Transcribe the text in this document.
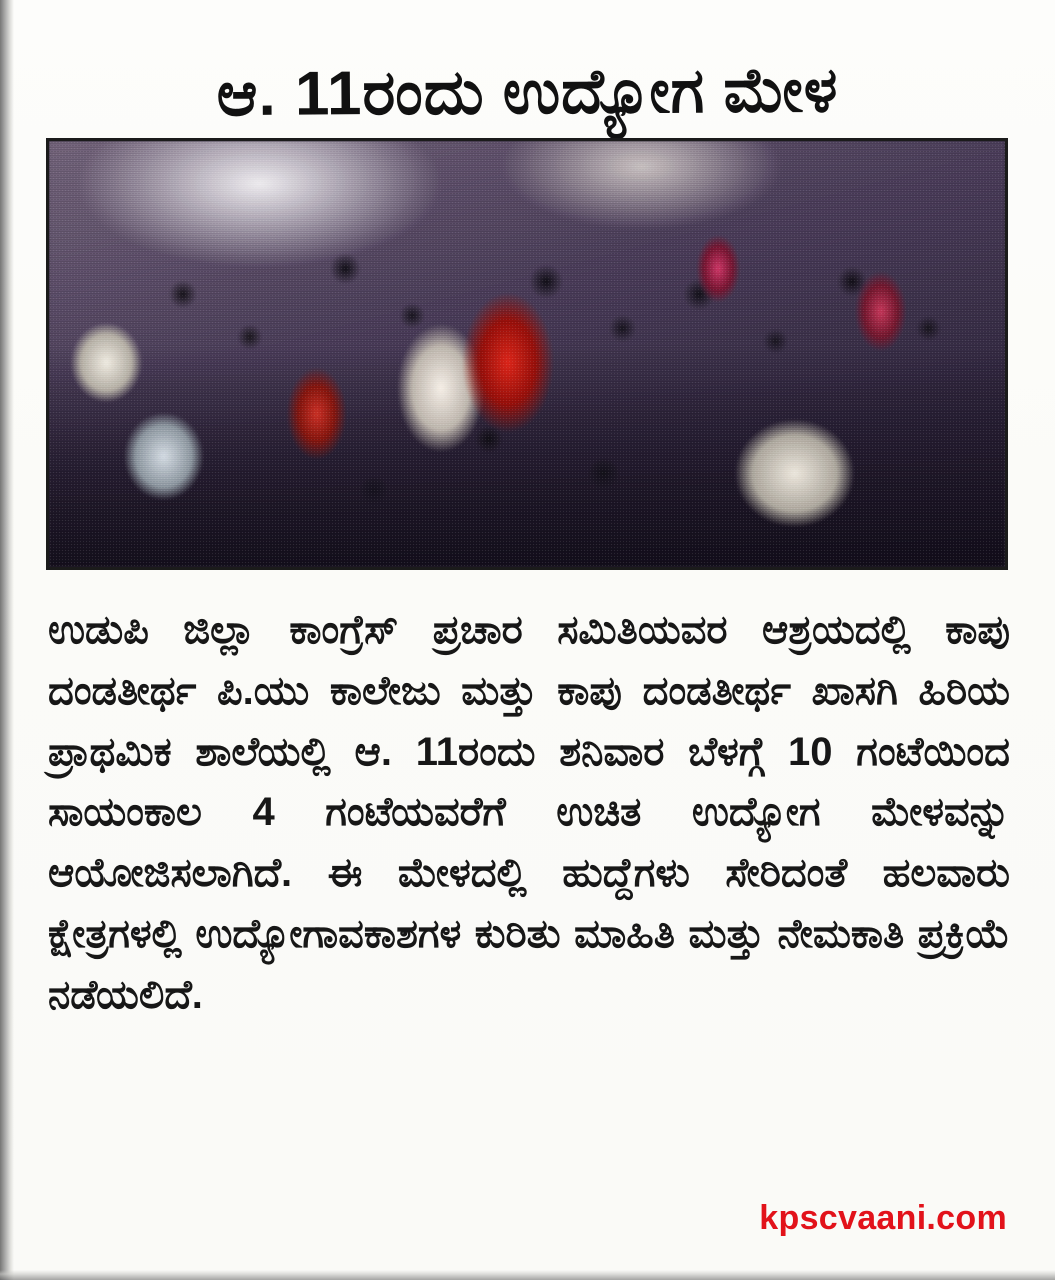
ಆ. 11ರಂದು ಉದ್ಯೋಗ ಮೇಳ

ಉಡುಪಿ ಜಿಲ್ಲಾ ಕಾಂಗ್ರೆಸ್ ಪ್ರಚಾರ ಸಮಿತಿಯವರ ಆಶ್ರಯದಲ್ಲಿ ಕಾಪು ದಂಡತೀರ್ಥ ಪಿ.ಯು ಕಾಲೇಜು ಮತ್ತು ಕಾಪು ದಂಡತೀರ್ಥ ಖಾಸಗಿ ಹಿರಿಯ ಪ್ರಾಥಮಿಕ ಶಾಲೆಯಲ್ಲಿ ಆ. 11ರಂದು ಶನಿವಾರ ಬೆಳಗ್ಗೆ 10 ಗಂಟೆಯಿಂದ ಸಾಯಂಕಾಲ 4 ಗಂಟೆಯವರೆಗೆ ಉಚಿತ ಉದ್ಯೋಗ ಮೇಳವನ್ನು ಆಯೋಜಿಸಲಾಗಿದೆ. ಈ ಮೇಳದಲ್ಲಿ ಹುದ್ದೆಗಳು ಸೇರಿದಂತೆ ಹಲವಾರು ಕ್ಷೇತ್ರಗಳಲ್ಲಿ ಉದ್ಯೋಗಾವಕಾಶಗಳ ಕುರಿತು ಮಾಹಿತಿ ಮತ್ತು ನೇಮಕಾತಿ ಪ್ರಕ್ರಿಯೆ ನಡೆಯಲಿದೆ.

kpscvaani.com
